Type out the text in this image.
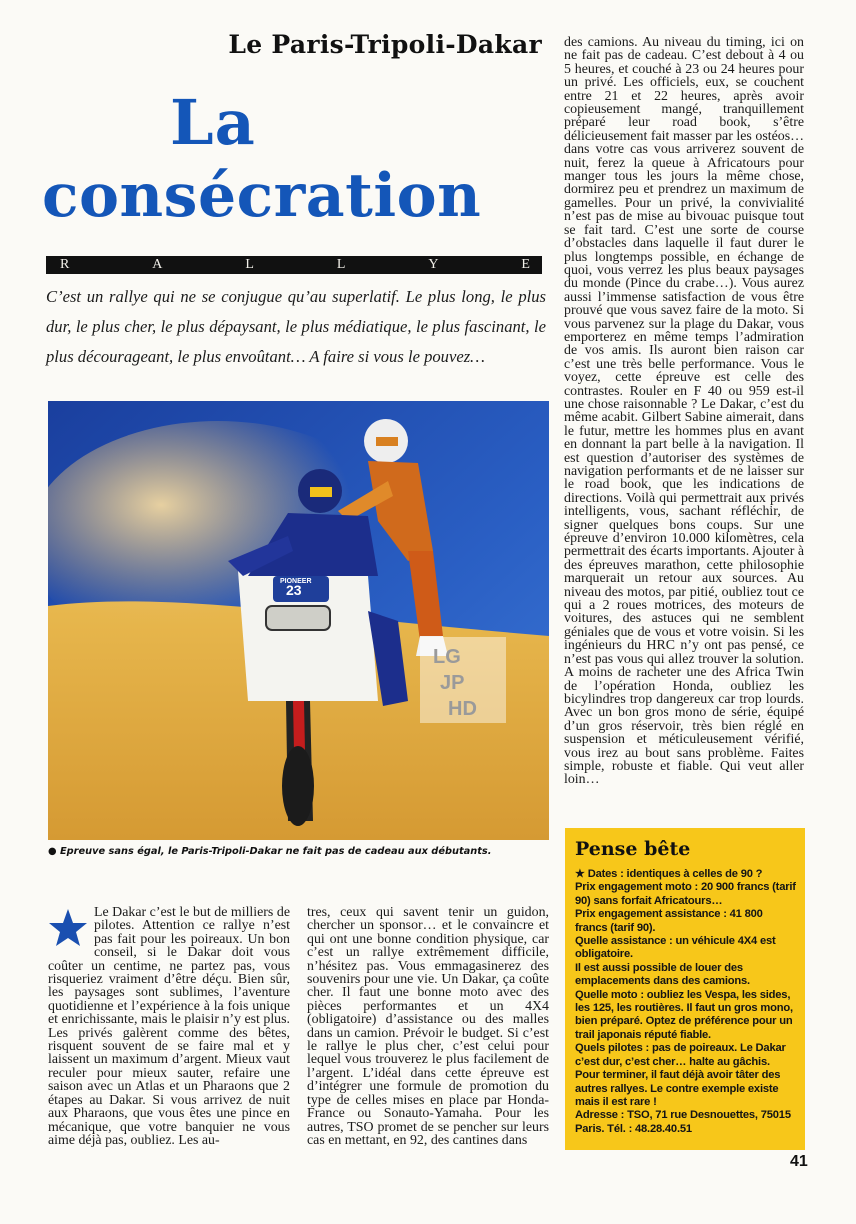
Le Paris-Tripoli-Dakar
La
consécration
R	A	L	L	Y	E
C’est un rallye qui ne se conjugue qu’au superlatif. Le plus long, le plus dur, le plus cher, le plus dépaysant, le plus médiatique, le plus fascinant, le plus décourageant, le plus envoûtant… A faire si vous le pouvez…
23
PIONEER
LG
JP
HD
● Epreuve sans égal, le Paris-Tripoli-Dakar ne fait pas de cadeau aux débutants.
des camions. Au niveau du timing, ici on ne fait pas de cadeau. C’est debout à 4 ou 5 heures, et couché à 23 ou 24 heures pour un privé. Les officiels, eux, se couchent entre 21 et 22 heures, après avoir copieusement mangé, tranquillement préparé leur road book, s’être délicieusement fait masser par les ostéos… dans votre cas vous arriverez souvent de nuit, ferez la queue à Africatours pour manger tous les jours la même chose, dormirez peu et prendrez un maximum de gamelles. Pour un privé, la convivialité n’est pas de mise au bivouac puisque tout se fait tard. C’est une sorte de course d’obstacles dans laquelle il faut durer le plus longtemps possible, en échange de quoi, vous verrez les plus beaux paysages du monde (Pince du crabe…). Vous aurez aussi l’immense satisfaction de vous être prouvé que vous savez faire de la moto. Si vous parvenez sur la plage du Dakar, vous emporterez en même temps l’admiration de vos amis. Ils auront bien raison car c’est une très belle performance. Vous le voyez, cette épreuve est celle des contrastes. Rouler en F 40 ou 959 est-il une chose raisonnable ? Le Dakar, c’est du même acabit. Gilbert Sabine aimerait, dans le futur, mettre les hommes plus en avant en donnant la part belle à la navigation. Il est question d’autoriser des systèmes de navigation performants et de ne laisser sur le road book, que les indications de directions. Voilà qui permettrait aux privés intelligents, vous, sachant réfléchir, de signer quelques bons coups. Sur une épreuve d’environ 10.000 kilomètres, cela permettrait des écarts importants. Ajouter à des épreuves marathon, cette philosophie marquerait un retour aux sources. Au niveau des motos, par pitié, oubliez tout ce qui a 2 roues motrices, des moteurs de voitures, des astuces qui ne semblent géniales que de vous et votre voisin. Si les ingénieurs du HRC n’y ont pas pensé, ce n’est pas vous qui allez trouver la solution. A moins de racheter une des Africa Twin de l’opération Honda, oubliez les bicylindres trop dangereux car trop lourds. Avec un bon gros mono de série, équipé d’un gros réservoir, très bien réglé en suspension et méticuleusement vérifié, vous irez au bout sans problème. Faites simple, robuste et fiable. Qui veut aller loin…
Le Dakar c’est le but de milliers de pilotes. Attention ce rallye n’est pas fait pour les poireaux. Un bon conseil, si le Dakar doit vous coûter un centime, ne partez pas, vous risqueriez vraiment d’être déçu. Bien sûr, les paysages sont sublimes, l’aventure quotidienne et l’expérience à la fois unique et enrichissante, mais le plaisir n’y est plus. Les privés galèrent comme des bêtes, risquent souvent de se faire mal et y laissent un maximum d’argent. Mieux vaut reculer pour mieux sauter, refaire une saison avec un Atlas et un Pharaons que 2 étapes au Dakar. Si vous arrivez de nuit aux Pharaons, que vous êtes une pince en mécanique, que votre banquier ne vous aime déjà pas, oubliez. Les au-
tres, ceux qui savent tenir un guidon, chercher un sponsor… et le convaincre et qui ont une bonne condition physique, car c’est un rallye extrêmement difficile, n’hésitez pas. Vous emmagasinerez des souvenirs pour une vie. Un Dakar, ça coûte cher. Il faut une bonne moto avec des pièces performantes et un 4X4 (obligatoire) d’assistance ou des malles dans un camion. Prévoir le budget. Si c’est le rallye le plus cher, c’est celui pour lequel vous trouverez le plus facilement de l’argent. L’idéal dans cette épreuve est d’intégrer une formule de promotion du type de celles mises en place par Honda-France ou Sonauto-Yamaha. Pour les autres, TSO promet de se pencher sur leurs cas en mettant, en 92, des cantines dans
Pense bête

★ Dates : identiques à celles de 90 ?

Prix engagement moto : 20 900 francs (tarif 90) sans forfait Africatours…

Prix engagement assistance : 41 800 francs (tarif 90).

Quelle assistance : un véhicule 4X4 est obligatoire.

Il est aussi possible de louer des emplacements dans des camions.

Quelle moto : oubliez les Vespa, les sides, les 125, les routières. Il faut un gros mono, bien préparé. Optez de préférence pour un trail japonais réputé fiable.

Quels pilotes : pas de poireaux. Le Dakar c’est dur, c’est cher… halte au gâchis. Pour terminer, il faut déjà avoir tâter des autres rallyes. Le contre exemple existe mais il est rare !

Adresse : TSO, 71 rue Desnouettes, 75015 Paris. Tél. : 48.28.40.51

41
